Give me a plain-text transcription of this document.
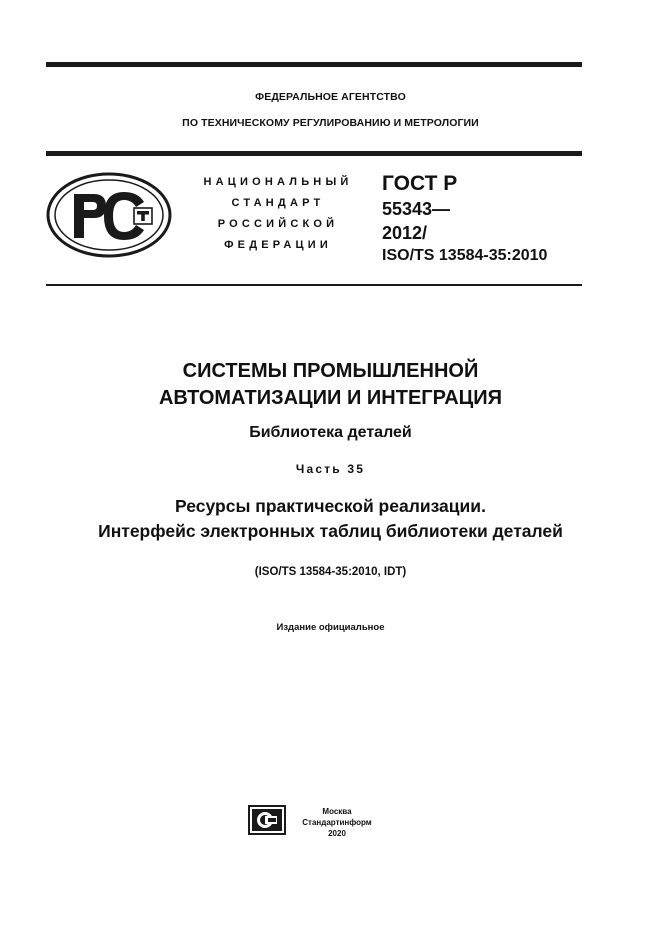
ФЕДЕРАЛЬНОЕ АГЕНТСТВО
ПО ТЕХНИЧЕСКОМУ РЕГУЛИРОВАНИЮ И МЕТРОЛОГИИ
НАЦИОНАЛЬНЫЙ
СТАНДАРТ
РОССИЙСКОЙ
ФЕДЕРАЦИИ
ГОСТ Р
55343—
2012/
ISO/TS 13584-35:2010
СИСТЕМЫ ПРОМЫШЛЕННОЙ
АВТОМАТИЗАЦИИ И ИНТЕГРАЦИЯ
Библиотека деталей
Часть 35
Ресурсы практической реализации.
Интерфейс электронных таблиц библиотеки деталей
(ISO/TS 13584-35:2010, IDT)
Издание официальное
Москва
Стандартинформ
2020
